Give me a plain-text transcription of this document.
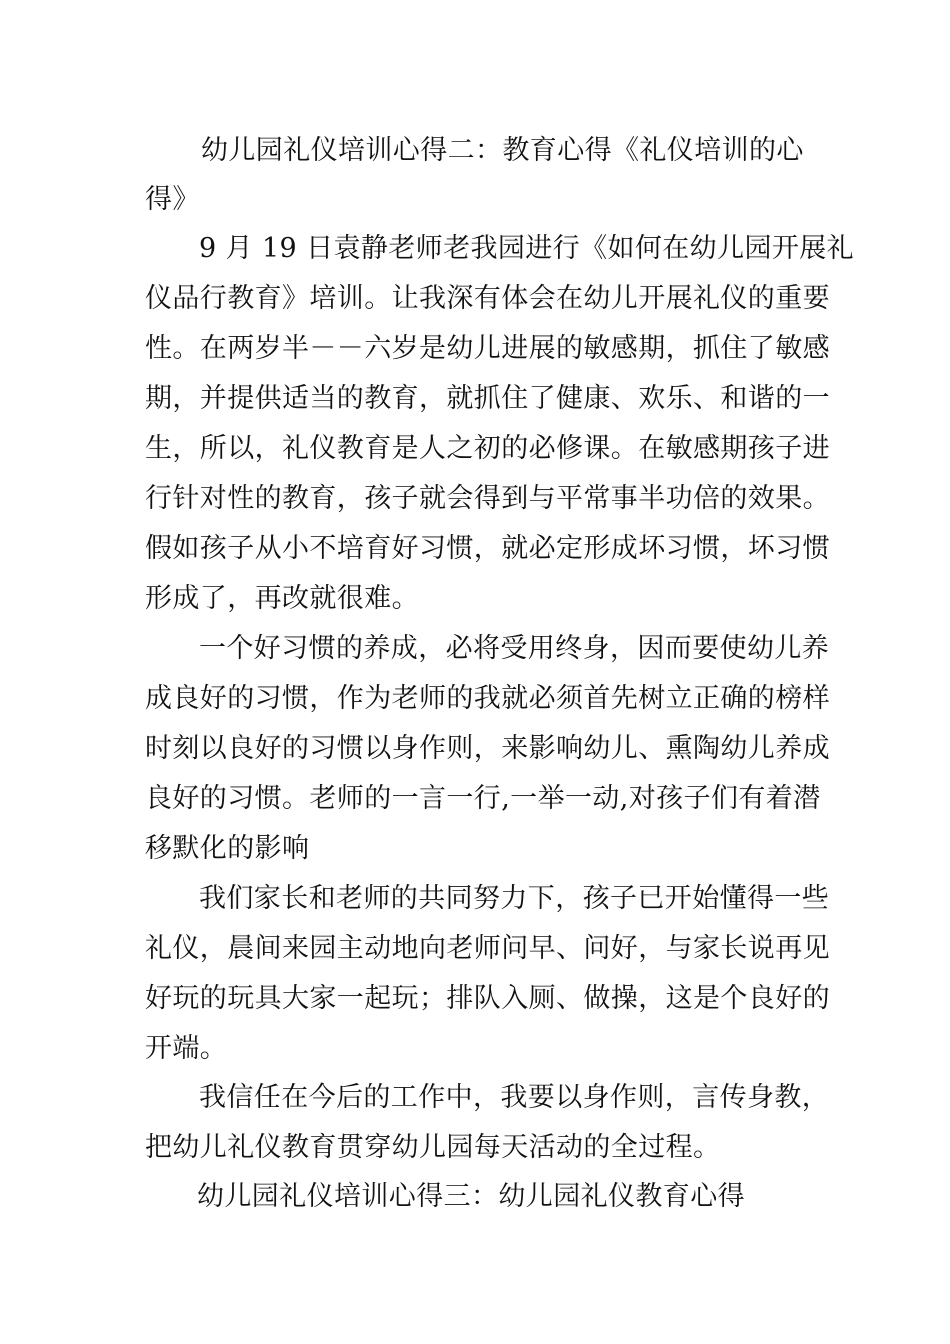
幼儿园礼仪培训心得二：教育心得《礼仪培训的心
得》
9 月 19 日袁静老师老我园进行《如何在幼儿园开展礼
仪品行教育》培训。让我深有体会在幼儿开展礼仪的重要
性。在两岁半－－六岁是幼儿进展的敏感期，抓住了敏感
期，并提供适当的教育，就抓住了健康、欢乐、和谐的一
生，所以，礼仪教育是人之初的必修课。在敏感期孩子进
行针对性的教育，孩子就会得到与平常事半功倍的效果。
假如孩子从小不培育好习惯，就必定形成坏习惯，坏习惯
形成了，再改就很难。
一个好习惯的养成，必将受用终身，因而要使幼儿养
成良好的习惯，作为老师的我就必须首先树立正确的榜样
时刻以良好的习惯以身作则，来影响幼儿、熏陶幼儿养成
良好的习惯。老师的一言一行,一举一动,对孩子们有着潜
移默化的影响
我们家长和老师的共同努力下，孩子已开始懂得一些
礼仪，晨间来园主动地向老师问早、问好，与家长说再见
好玩的玩具大家一起玩；排队入厕、做操，这是个良好的
开端。
我信任在今后的工作中，我要以身作则，言传身教，
把幼儿礼仪教育贯穿幼儿园每天活动的全过程。
幼儿园礼仪培训心得三：幼儿园礼仪教育心得
